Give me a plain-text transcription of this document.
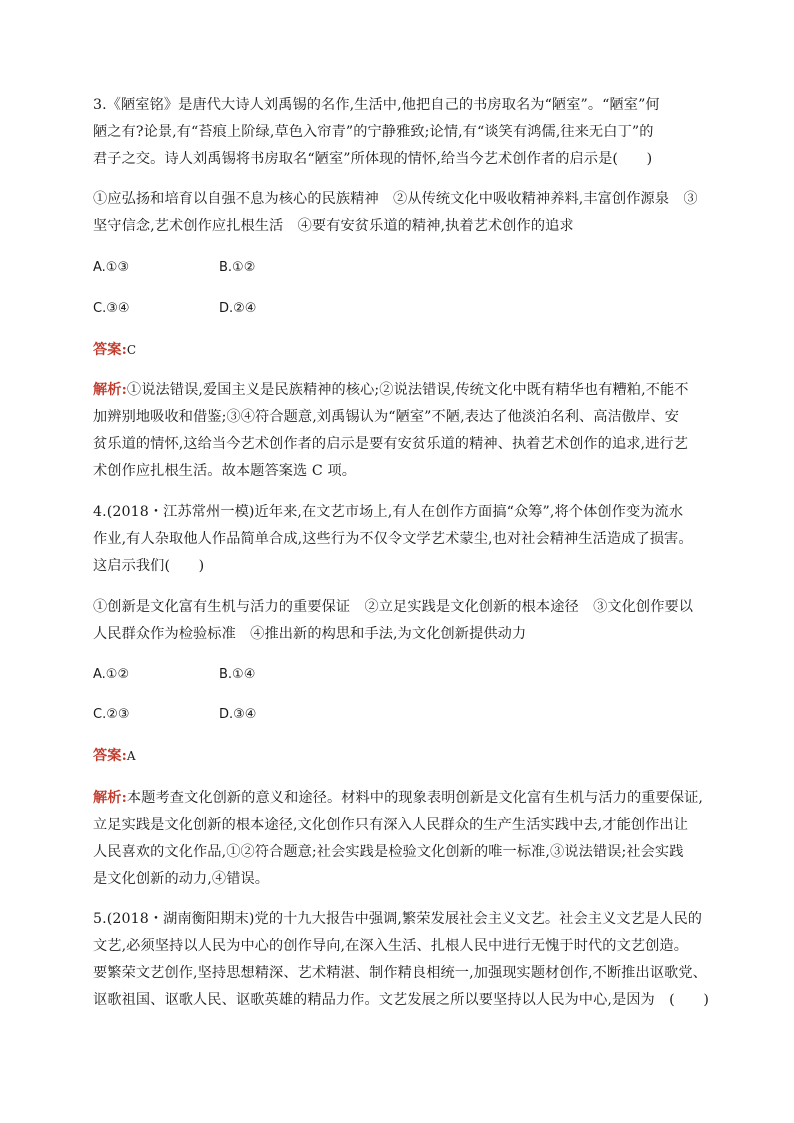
3.《陋室铭》是唐代大诗人刘禹锡的名作,生活中,他把自己的书房取名为“陋室”。“陋室”何
陋之有?论景,有“苔痕上阶绿,草色入帘青”的宁静雅致;论情,有“谈笑有鸿儒,往来无白丁”的
君子之交。诗人刘禹锡将书房取名“陋室”所体现的情怀,给当今艺术创作者的启示是(　　)
①应弘扬和培育以自强不息为核心的民族精神　②从传统文化中吸收精神养料,丰富创作源泉　③
坚守信念,艺术创作应扎根生活　④要有安贫乐道的精神,执着艺术创作的追求
A.①③	B.①②
C.③④	D.②④
答案:C
解析:①说法错误,爱国主义是民族精神的核心;②说法错误,传统文化中既有精华也有糟粕,不能不
加辨别地吸收和借鉴;③④符合题意,刘禹锡认为“陋室”不陋,表达了他淡泊名利、高洁傲岸、安
贫乐道的情怀,这给当今艺术创作者的启示是要有安贫乐道的精神、执着艺术创作的追求,进行艺
术创作应扎根生活。故本题答案选 C 项。
4.(2018・江苏常州一模)近年来,在文艺市场上,有人在创作方面搞“众筹”,将个体创作变为流水
作业,有人杂取他人作品简单合成,这些行为不仅令文学艺术蒙尘,也对社会精神生活造成了损害。
这启示我们(　　)
①创新是文化富有生机与活力的重要保证　②立足实践是文化创新的根本途径　③文化创作要以
人民群众作为检验标准　④推出新的构思和手法,为文化创新提供动力
A.①②	B.①④
C.②③	D.③④
答案:A
解析:本题考查文化创新的意义和途径。材料中的现象表明创新是文化富有生机与活力的重要保证,
立足实践是文化创新的根本途径,文化创作只有深入人民群众的生产生活实践中去,才能创作出让
人民喜欢的文化作品,①②符合题意;社会实践是检验文化创新的唯一标准,③说法错误;社会实践
是文化创新的动力,④错误。
5.(2018・湖南衡阳期末)党的十九大报告中强调,繁荣发展社会主义文艺。社会主义文艺是人民的
文艺,必须坚持以人民为中心的创作导向,在深入生活、扎根人民中进行无愧于时代的文艺创造。
要繁荣文艺创作,坚持思想精深、艺术精湛、制作精良相统一,加强现实题材创作,不断推出讴歌党、
讴歌祖国、讴歌人民、讴歌英雄的精品力作。文艺发展之所以要坚持以人民为中心,是因为　(　　)
